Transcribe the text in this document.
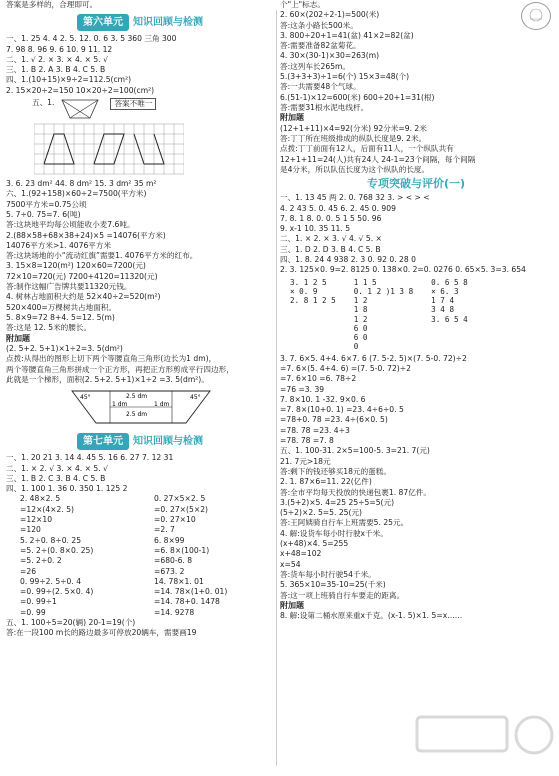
答案是多样的，合理即可。
第六单元	知识回顾与检测
一、1. 25 4. 4 2. 5. 12. 0. 6 3. 5 360 三角 300
7. 98 8. 96 9. 6 10. 9 11. 12
二、1. √ 2. × 3. × 4. × 5. √
三、1. B 2. A 3. B 4. C 5. B
四、1.(10+15)×9÷2=112.5(cm²)
2. 15×20÷2=150 10×20÷2=100(cm²)
五、1.	答案不唯一
3. 6. 23 dm² 44. 8 dm² 15. 3 dm² 35 m²
六、1.(92+158)×60÷2=7500(平方米)
7500平方米=0.75公顷
5. 7÷0. 75=7. 6(吨)
答:这块地平均每公顷能收小麦7.6吨。
2.(88×58+68×38+24)×5 =14076(平方米)
14076平方米>1. 4076平方米
答:这块场地的小“流动红旗”需要1. 4076平方米的红布。
3. 15×8=120(m²) 120×60=7200(元)
72×10=720(元) 7200+4120=11320(元)
答:制作这幅广告牌共要11320元钱。
4. 树林占地面积大约是 52×40÷2=520(m²)
520×400=万棵树共占地面积。
5. 8×9=72 8+4. 5=12. 5(m)
答:这是 12. 5米的腰长。
附加题
(2. 5+2. 5+1)×1÷2=3. 5(dm²)
点拨:从得出的图形上切下两个等腰直角三角形(边长为1 dm)，
两个等腰直角三角形拼成一个正方形，再把正方形剪成平行四边形，
此就是一个梯形，面积(2. 5+2. 5+1)×1÷2 =3. 5(dm²)。
2.5 dm
2.5 dm
1 dm	1 dm
45°	45°
第七单元	知识回顾与检测
一、1. 20 21 3. 14 4. 45 5. 16 6. 27 7. 12 31
二、1. × 2. √ 3. × 4. × 5. √
三、1. B 2. C 3. B 4. C 5. B
四、1. 100 1. 36 0. 350 1. 125 2
2. 48×2. 5	0. 27×5×2. 5
=12×(4×2. 5)	=0. 27×(5×2)
=12×10	=0. 27×10
=120	=2. 7
5. 2÷0. 8÷0. 25	6. 8×99
=5. 2÷(0. 8×0. 25)	=6. 8×(100-1)
=5. 2÷0. 2	=680-6. 8
=26	=673. 2
0. 99÷2. 5÷0. 4	14. 78×1. 01
=0. 99÷(2. 5×0. 4)	=14. 78×(1+0. 01)
=0. 99÷1	=14. 78+0. 1478
=0. 99	=14. 9278
五、1. 100÷5=20(辆) 20-1=19(个)
答:在一段100 m长的路边最多可停放20辆车，需要画19
个"上"标志。
2. 60×(202÷2-1)=500(米)
答:这条小路长500米。
3. 800÷20+1=41(盆) 41×2=82(盆)
答:需要准备82盆菊花。
4. 30×(30-1)×30=263(m)
答:这列车长265m。
5.(3+3+3)÷1=6(个) 15×3=48(个)
答:一共需要48个气球。
6.(51-1)×12=600(米) 600÷20+1=31(根)
答:需要31根水泥电线杆。
附加题
(12+1+11)×4=92(分米) 92分米=9. 2米
答:丁丁所在班级排成的纵队长度是9. 2米。
点拨:丁丁前面有12人，后面有11人，一个纵队共有
12+1+11=24(人)共有24人 24-1=23个间隔，每个间隔
是4分米，所以队伍长度为这个纵队的长度。
专项突破与评价(一)
一、1. 13 45 两 2. 0. 768 32 3. > < > <
4. 2 43 5. 0. 45 6. 2. 45 0. 909
7. 8. 1 8. 0. 0. 5 1 5 50. 96
9. x-1 10. 35 11. 5
二、1. × 2. × 3. √ 4. √ 5. ×
三、1. D 2. D 3. B 4. C 5. B
四、1. 8. 24 4 938 2. 3 0. 92 0. 28 0
2. 3. 125×0. 9=2. 8125 0. 138×0. 2=0. 0276 0. 65×5. 3=3. 654
3. 1 2 5
× 0. 9
2. 8 1 2 5
1 1 5
0. 1 2 )1 3 8
1 2
1 8
1 2
6 0
6 0
0
0. 6 5 8
× 6. 3
1 7 4
3 4 8
3. 6 5 4
3. 7. 6×5. 4+4. 6×7. 6 (7. 5-2. 5)×(7. 5-0. 72)÷2
=7. 6×(5. 4+4. 6) =(7. 5-0. 72)÷2
=7. 6×10 =6. 78÷2
=76 =3. 39
7. 8×10. 1 -32. 9×0. 6
=7. 8×(10+0. 1) =23. 4÷6÷0. 5
=78+0. 78 =23. 4÷(6×0. 5)
=78. 78 =23. 4÷3
=78. 78 =7. 8
五、1. 100-31. 2×5=100-5. 3=21. 7(元)
21. 7元>18元
答:剩下的钱还够买18元的蛋糕。
2. 1. 87×6=11. 22(亿件)
答:全市平均每天投放的快递包裹1. 87亿件。
3.(5+2)×5. 4=25 25÷5=5(元)
(5÷2)×2. 5=5. 25(元)
答:王阿姨骑自行车上班需要5. 25元。
4. 解:设货车每小时行驶x千米。
(x+48)×4. 5=255
x+48=102
x=54
答:货车每小时行驶54千米。
5. 365×10=35-10=25(千米)
答:这一项上班骑自行车要走的距离。
附加题
8. 解:设第二桶水原来重x千克。(x-1. 5)×1. 5=x……
